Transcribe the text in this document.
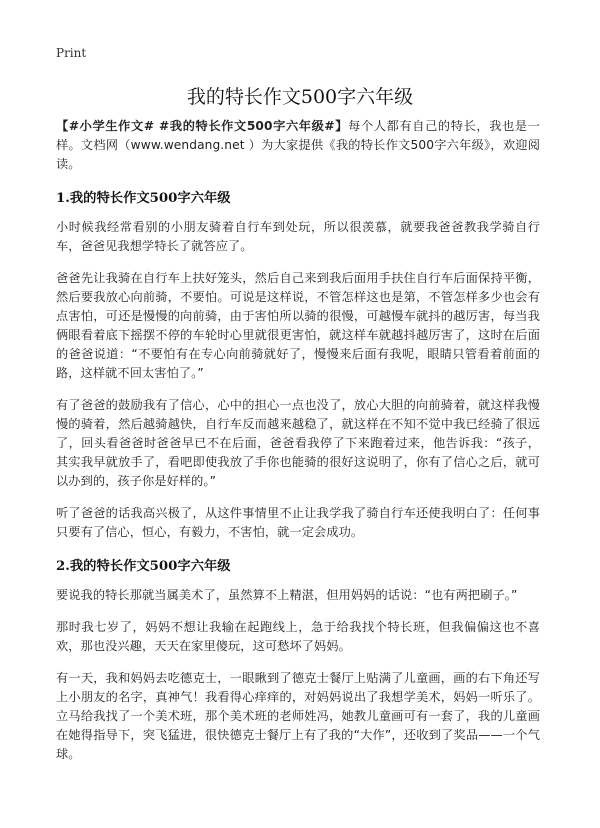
Print
我的特长作文500字六年级

【#小学生作文# #我的特长作文500字六年级#】每个人都有自己的特长，我也是一样。文档网（www.wendang.net ）为大家提供《我的特长作文500字六年级》，欢迎阅读。

1.我的特长作文500字六年级

小时候我经常看别的小朋友骑着自行车到处玩，所以很羡慕，就要我爸爸教我学骑自行车，爸爸见我想学特长了就答应了。

爸爸先让我骑在自行车上扶好笼头，然后自己来到我后面用手扶住自行车后面保持平衡，然后要我放心向前骑，不要怕。可说是这样说，不管怎样这也是第，不管怎样多少也会有点害怕，可还是慢慢的向前骑，由于害怕所以骑的很慢，可越慢车就抖的越厉害，每当我俩眼看着底下摇摆不停的车轮时心里就很更害怕，就这样车就越抖越厉害了，这时在后面的爸爸说道：“不要怕有在专心向前骑就好了，慢慢来后面有我呢，眼睛只管看着前面的路，这样就不回太害怕了。”

有了爸爸的鼓励我有了信心，心中的担心一点也没了，放心大胆的向前骑着，就这样我慢慢的骑着，然后越骑越快，自行车反而越来越稳了，就这样在不知不觉中我已经骑了很远了，回头看爸爸时爸爸早已不在后面，爸爸看我停了下来跑着过来，他告诉我：“孩子，其实我早就放手了，看吧即使我放了手你也能骑的很好这说明了，你有了信心之后，就可以办到的，孩子你是好样的。”

听了爸爸的话我高兴极了，从这件事情里不止让我学我了骑自行车还使我明白了：任何事只要有了信心，恒心，有毅力，不害怕，就一定会成功。

2.我的特长作文500字六年级

要说我的特长那就当属美术了，虽然算不上精湛，但用妈妈的话说：“也有两把刷子。”

那时我七岁了，妈妈不想让我输在起跑线上，急于给我找个特长班，但我偏偏这也不喜欢，那也没兴趣，天天在家里傻玩，这可愁坏了妈妈。

有一天，我和妈妈去吃德克士，一眼瞅到了德克士餐厅上贴满了儿童画，画的右下角还写上小朋友的名字，真神气！我看得心痒痒的，对妈妈说出了我想学美术，妈妈一听乐了。立马给我找了一个美术班，那个美术班的老师姓冯，她教儿童画可有一套了，我的儿童画在她得指导下，突飞猛进，很快德克士餐厅上有了我的“大作”，还收到了奖品——一个气球。
